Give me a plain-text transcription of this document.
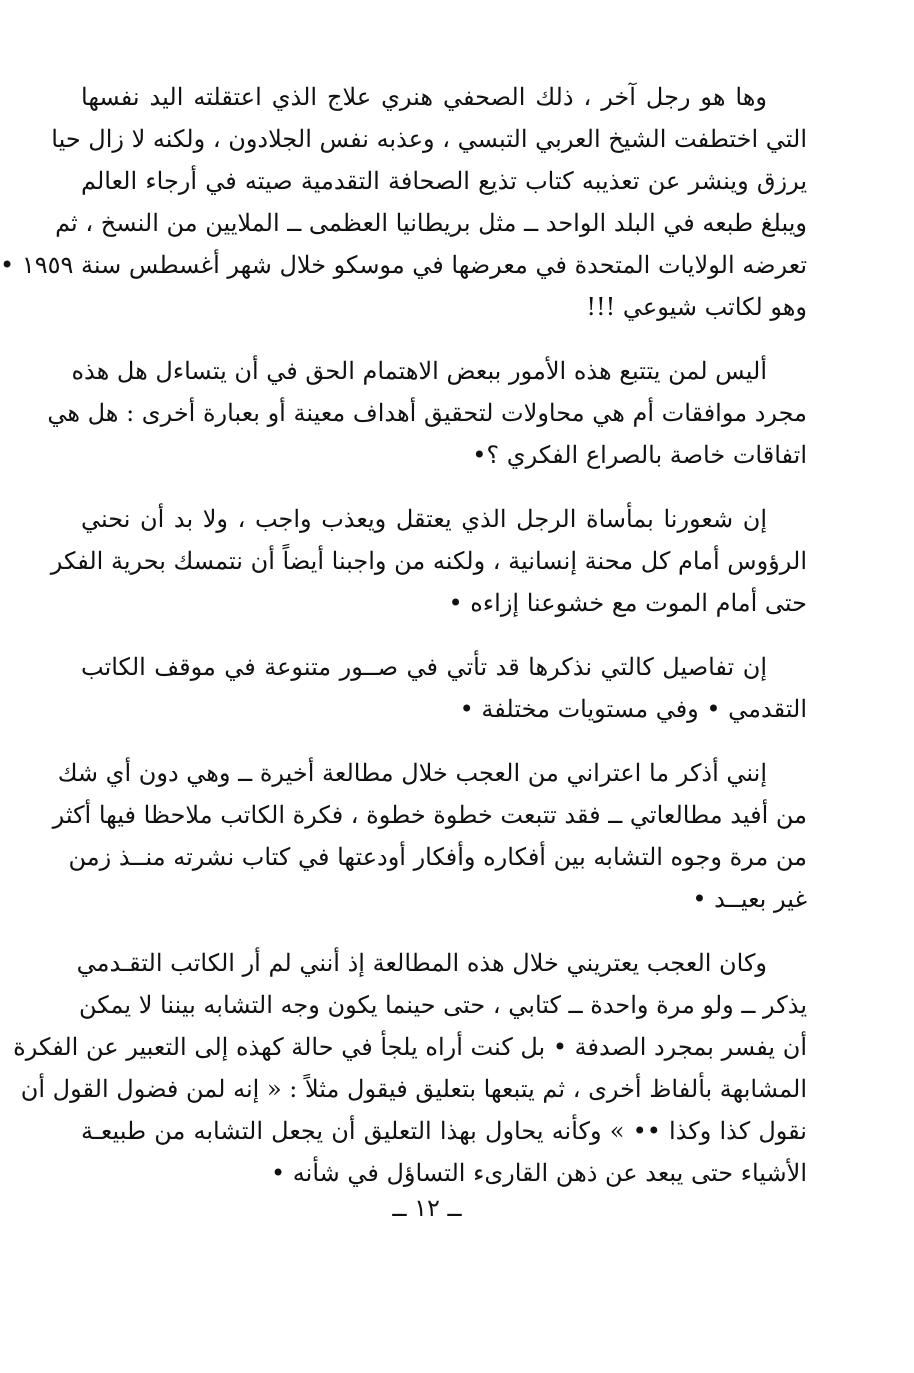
وها هو رجل آخر ، ذلك الصحفي هنري علاج الذي اعتقلته اليد نفسها
التي اختطفت الشيخ العربي التبسي ، وعذبه نفس الجلادون ، ولكنه لا زال حيا
يرزق وينشر عن تعذيبه كتاب تذيع الصحافة التقدمية صيته في أرجاء العالم
ويبلغ طبعه في البلد الواحد ــ مثل بريطانيا العظمى ــ الملايين من النسخ ، ثم
تعرضه الولايات المتحدة في معرضها في موسكو خلال شهر أغسطس سنة ١٩٥٩ •
وهو لكاتب شيوعي !!!

أليس لمن يتتبع هذه الأمور ببعض الاهتمام الحق في أن يتساءل هل هذه
مجرد موافقات أم هي محاولات لتحقيق أهداف معينة أو بعبارة أخرى : هل هي
اتفاقات خاصة بالصراع الفكري ؟•

إن شعورنا بمأساة الرجل الذي يعتقل ويعذب واجب ، ولا بد أن نحني
الرؤوس أمام كل محنة إنسانية ، ولكنه من واجبنا أيضاً أن نتمسك بحرية الفكر
حتى أمام الموت مع خشوعنا إزاءه •

إن تفاصيل كالتي نذكرها قد تأتي في صــور متنوعة في موقف الكاتب
التقدمي • وفي مستويات مختلفة •

إنني أذكر ما اعتراني من العجب خلال مطالعة أخيرة ــ وهي دون أي شك
من أفيد مطالعاتي ــ فقد تتبعت خطوة خطوة ، فكرة الكاتب ملاحظا فيها أكثر
من مرة وجوه التشابه بين أفكاره وأفكار أودعتها في كتاب نشرته منــذ زمن
غير بعيــد •

وكان العجب يعتريني خلال هذه المطالعة إذ أنني لم أر الكاتب التقـدمي
يذكر ــ ولو مرة واحدة ــ كتابي ، حتى حينما يكون وجه التشابه بيننا لا يمكن
أن يفسر بمجرد الصدفة • بل كنت أراه يلجأ في حالة كهذه إلى التعبير عن الفكرة
المشابهة بألفاظ أخرى ، ثم يتبعها بتعليق فيقول مثلاً : « إنه لمن فضول القول أن
نقول كذا وكذا •• » وكأنه يحاول بهذا التعليق أن يجعل التشابه من طبيعـة
الأشياء حتى يبعد عن ذهن القارىء التساؤل في شأنه •

ــ ١٢ ــ
